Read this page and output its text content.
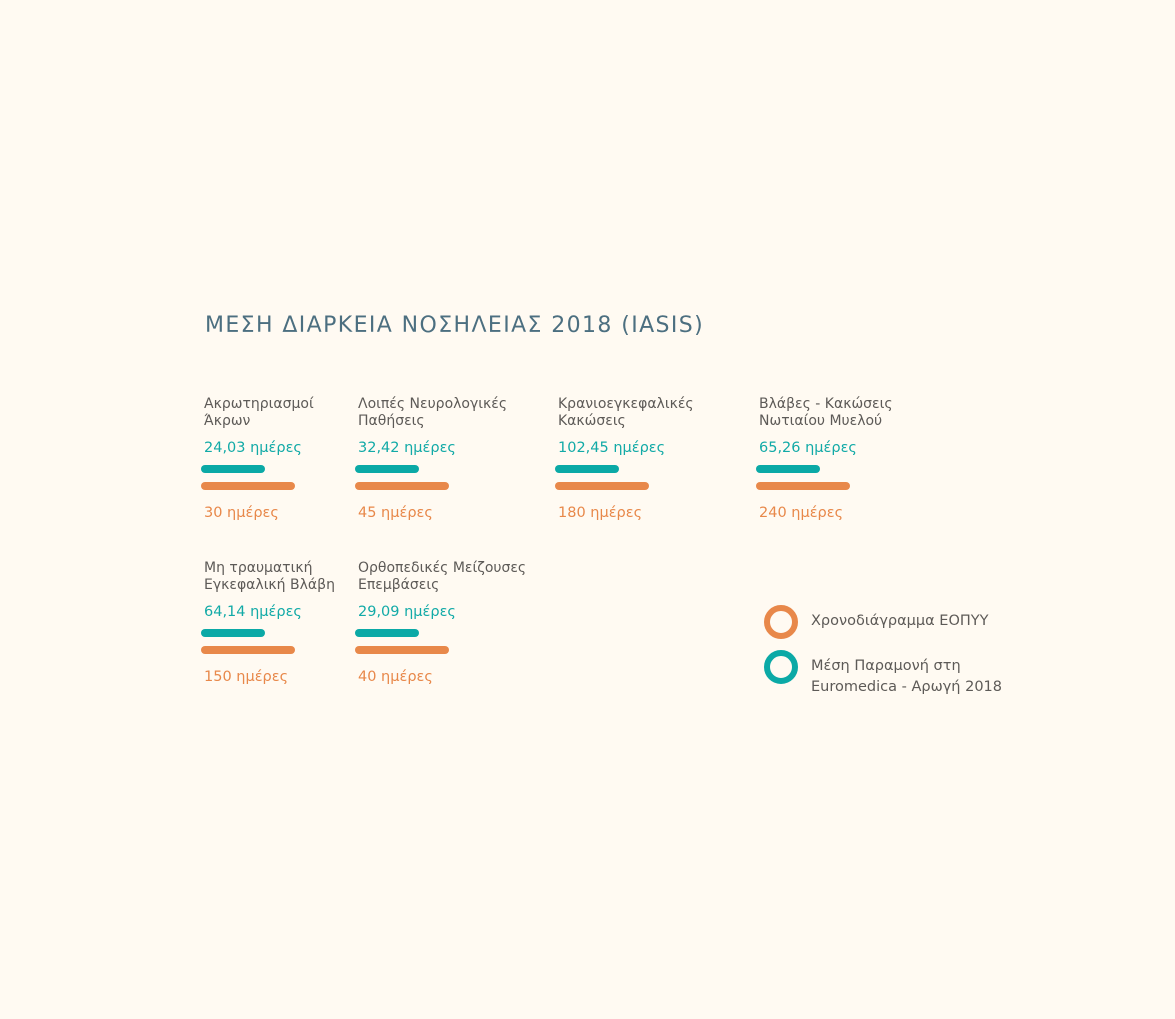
ΜΕΣΗ ΔΙΑΡΚΕΙΑ ΝΟΣΗΛΕΙΑΣ 2018 (IASIS)
Ακρωτηριασμοί
Άκρων
24,03 ημέρες
30 ημέρες
Λοιπές Νευρολογικές
Παθήσεις
32,42 ημέρες
45 ημέρες
Κρανιοεγκεφαλικές
Κακώσεις
102,45 ημέρες
180 ημέρες
Βλάβες - Κακώσεις
Νωτιαίου Μυελού
65,26 ημέρες
240 ημέρες
Μη τραυματική
Εγκεφαλική Βλάβη
64,14 ημέρες
150 ημέρες
Ορθοπεδικές Μείζουσες
Επεμβάσεις
29,09 ημέρες
40 ημέρες
Χρονοδιάγραμμα ΕΟΠΥΥ
Μέση Παραμονή στη
Euromedica - Αρωγή 2018
